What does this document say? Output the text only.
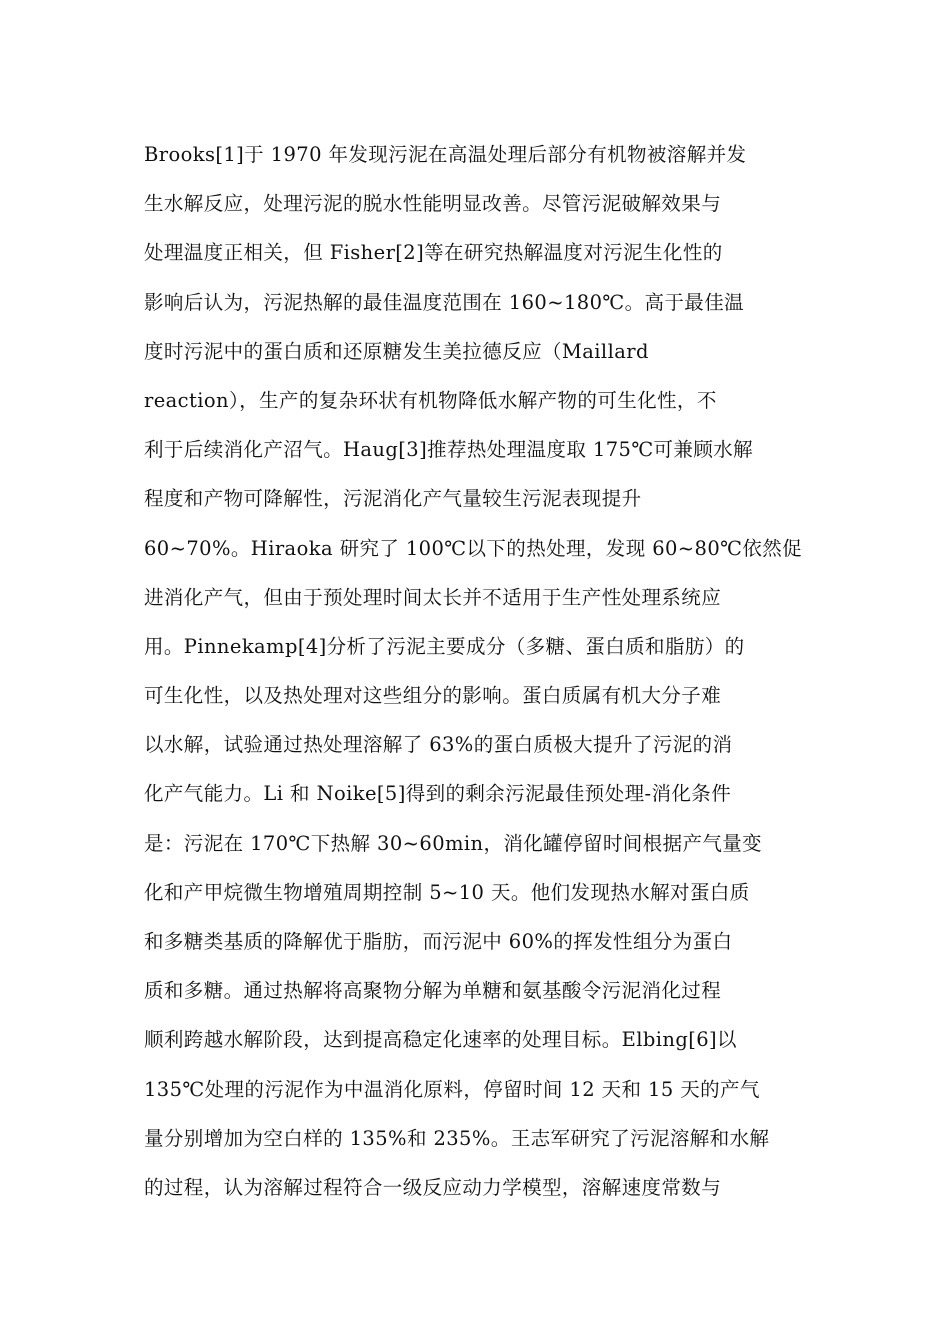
Brooks[1]于 1970 年发现污泥在高温处理后部分有机物被溶解并发
生水解反应，处理污泥的脱水性能明显改善。尽管污泥破解效果与
处理温度正相关，但 Fisher[2]等在研究热解温度对污泥生化性的
影响后认为，污泥热解的最佳温度范围在 160~180℃。高于最佳温
度时污泥中的蛋白质和还原糖发生美拉德反应（Maillard
reaction），生产的复杂环状有机物降低水解产物的可生化性，不
利于后续消化产沼气。Haug[3]推荐热处理温度取 175℃可兼顾水解
程度和产物可降解性，污泥消化产气量较生污泥表现提升
60~70%。Hiraoka 研究了 100℃以下的热处理，发现 60~80℃依然促
进消化产气，但由于预处理时间太长并不适用于生产性处理系统应
用。Pinnekamp[4]分析了污泥主要成分（多糖、蛋白质和脂肪）的
可生化性，以及热处理对这些组分的影响。蛋白质属有机大分子难
以水解，试验通过热处理溶解了 63%的蛋白质极大提升了污泥的消
化产气能力。Li 和 Noike[5]得到的剩余污泥最佳预处理-消化条件
是：污泥在 170℃下热解 30~60min，消化罐停留时间根据产气量变
化和产甲烷微生物增殖周期控制 5~10 天。他们发现热水解对蛋白质
和多糖类基质的降解优于脂肪，而污泥中 60%的挥发性组分为蛋白
质和多糖。通过热解将高聚物分解为单糖和氨基酸令污泥消化过程
顺利跨越水解阶段，达到提高稳定化速率的处理目标。Elbing[6]以
135℃处理的污泥作为中温消化原料，停留时间 12 天和 15 天的产气
量分别增加为空白样的 135%和 235%。王志军研究了污泥溶解和水解
的过程，认为溶解过程符合一级反应动力学模型，溶解速度常数与
